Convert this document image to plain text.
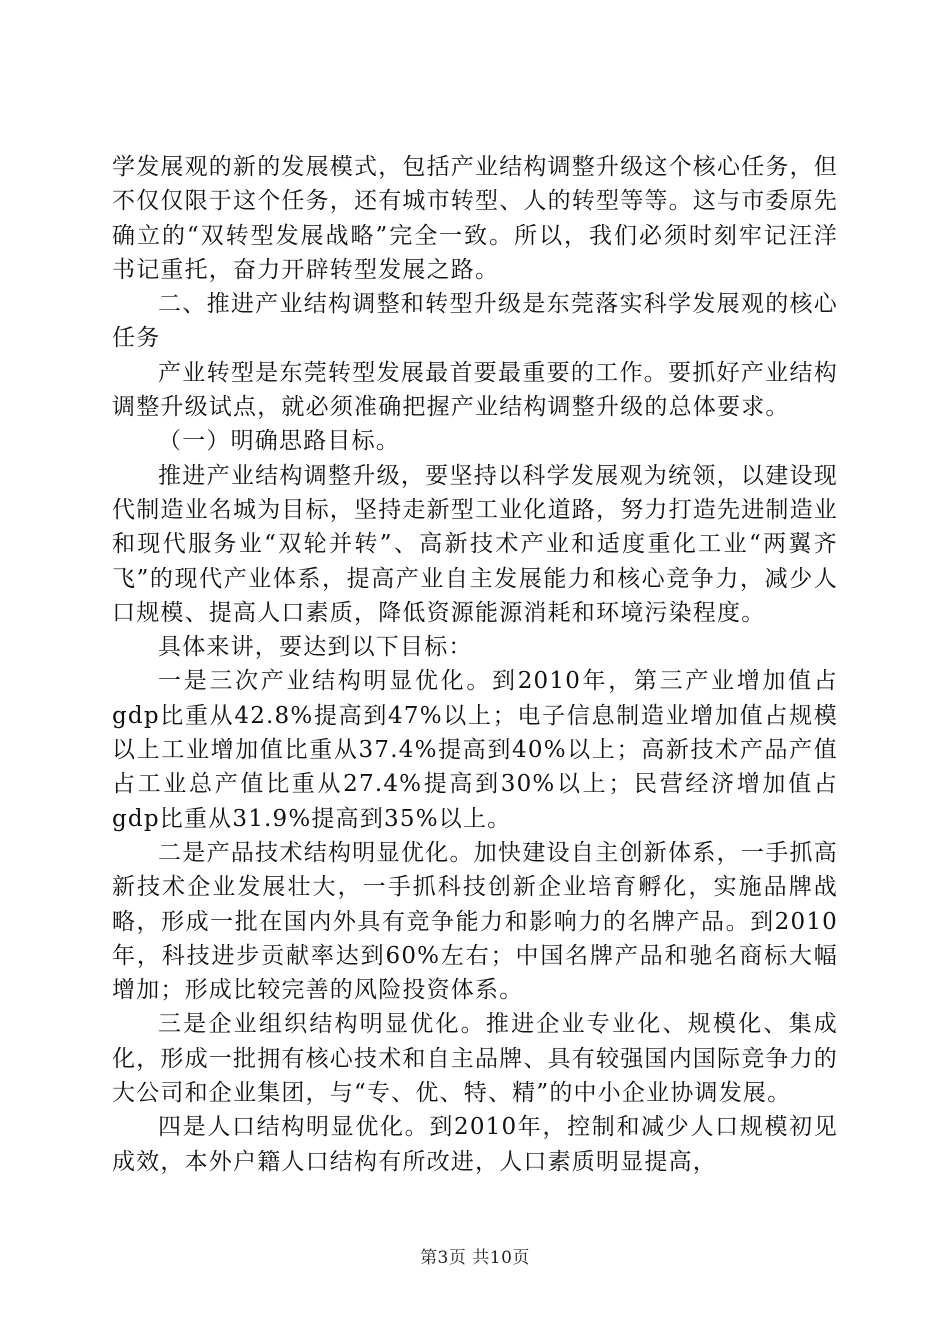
学发展观的新的发展模式，包括产业结构调整升级这个核心任务，但不仅仅限于这个任务，还有城市转型、人的转型等等。这与市委原先确立的“双转型发展战略”完全一致。所以，我们必须时刻牢记汪洋书记重托，奋力开辟转型发展之路。

二、推进产业结构调整和转型升级是东莞落实科学发展观的核心任务

产业转型是东莞转型发展最首要最重要的工作。要抓好产业结构调整升级试点，就必须准确把握产业结构调整升级的总体要求。

（一）明确思路目标。

推进产业结构调整升级，要坚持以科学发展观为统领，以建设现代制造业名城为目标，坚持走新型工业化道路，努力打造先进制造业和现代服务业“双轮并转”、高新技术产业和适度重化工业“两翼齐飞”的现代产业体系，提高产业自主发展能力和核心竞争力，减少人口规模、提高人口素质，降低资源能源消耗和环境污染程度。

具体来讲，要达到以下目标：

一是三次产业结构明显优化。到2010年，第三产业增加值占gdp比重从42.8%提高到47%以上；电子信息制造业增加值占规模以上工业增加值比重从37.4%提高到40%以上；高新技术产品产值占工业总产值比重从27.4%提高到30%以上；民营经济增加值占gdp比重从31.9%提高到35%以上。

二是产品技术结构明显优化。加快建设自主创新体系，一手抓高新技术企业发展壮大，一手抓科技创新企业培育孵化，实施品牌战略，形成一批在国内外具有竞争能力和影响力的名牌产品。到2010年，科技进步贡献率达到60%左右；中国名牌产品和驰名商标大幅增加；形成比较完善的风险投资体系。

三是企业组织结构明显优化。推进企业专业化、规模化、集成化，形成一批拥有核心技术和自主品牌、具有较强国内国际竞争力的大公司和企业集团，与“专、优、特、精”的中小企业协调发展。

四是人口结构明显优化。到2010年，控制和减少人口规模初见成效，本外户籍人口结构有所改进，人口素质明显提高，

第3页 共10页
